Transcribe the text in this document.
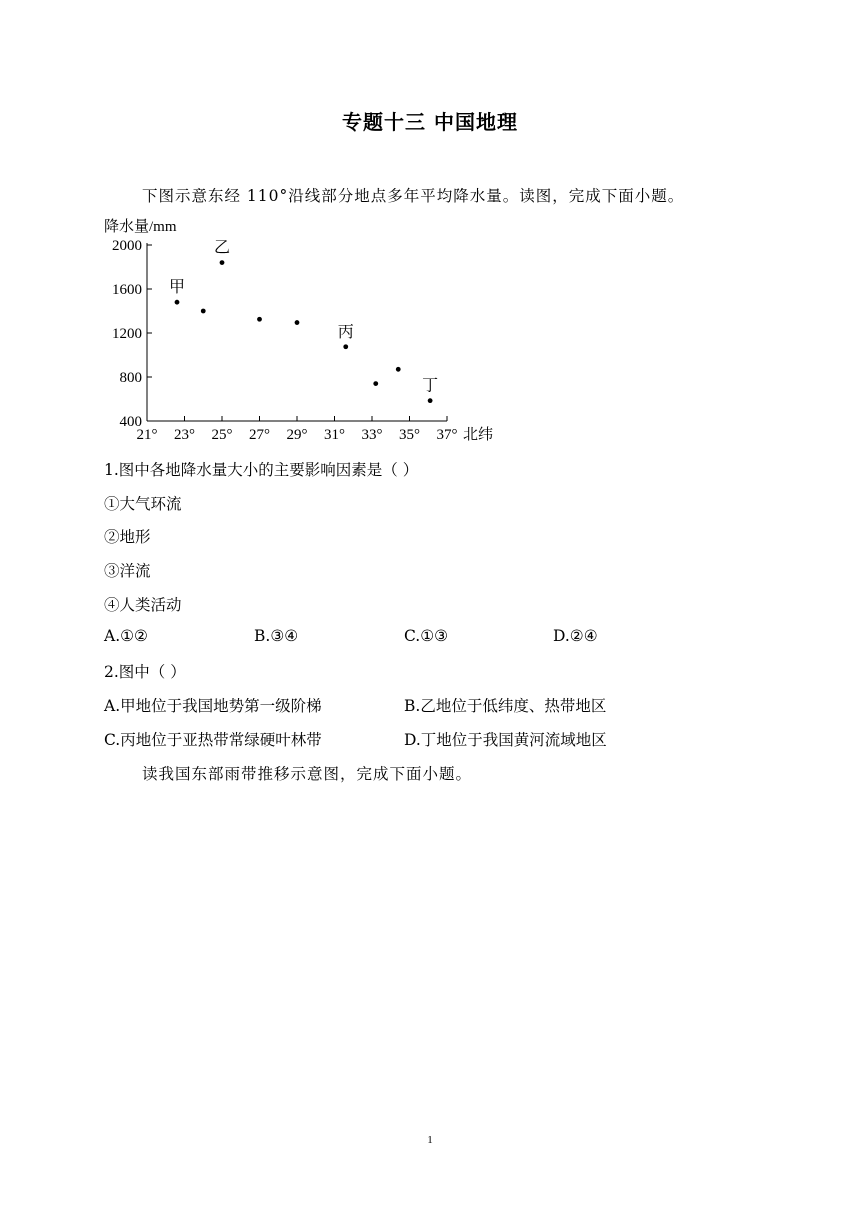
专题十三 中国地理
下图示意东经 110°沿线部分地点多年平均降水量。读图，完成下面小题。
降水量/mm
北纬
2000
1600
1200
800
400
21° 23° 25° 27° 29° 31° 33° 35° 37°
甲
乙
丙
丁
1.图中各地降水量大小的主要影响因素是（ ）
①大气环流
②地形
③洋流
④人类活动
A.①②	B.③④	C.①③	D.②④
2.图中（ ）
A.甲地位于我国地势第一级阶梯	B.乙地位于低纬度、热带地区
C.丙地位于亚热带常绿硬叶林带	D.丁地位于我国黄河流域地区
读我国东部雨带推移示意图，完成下面小题。
1
